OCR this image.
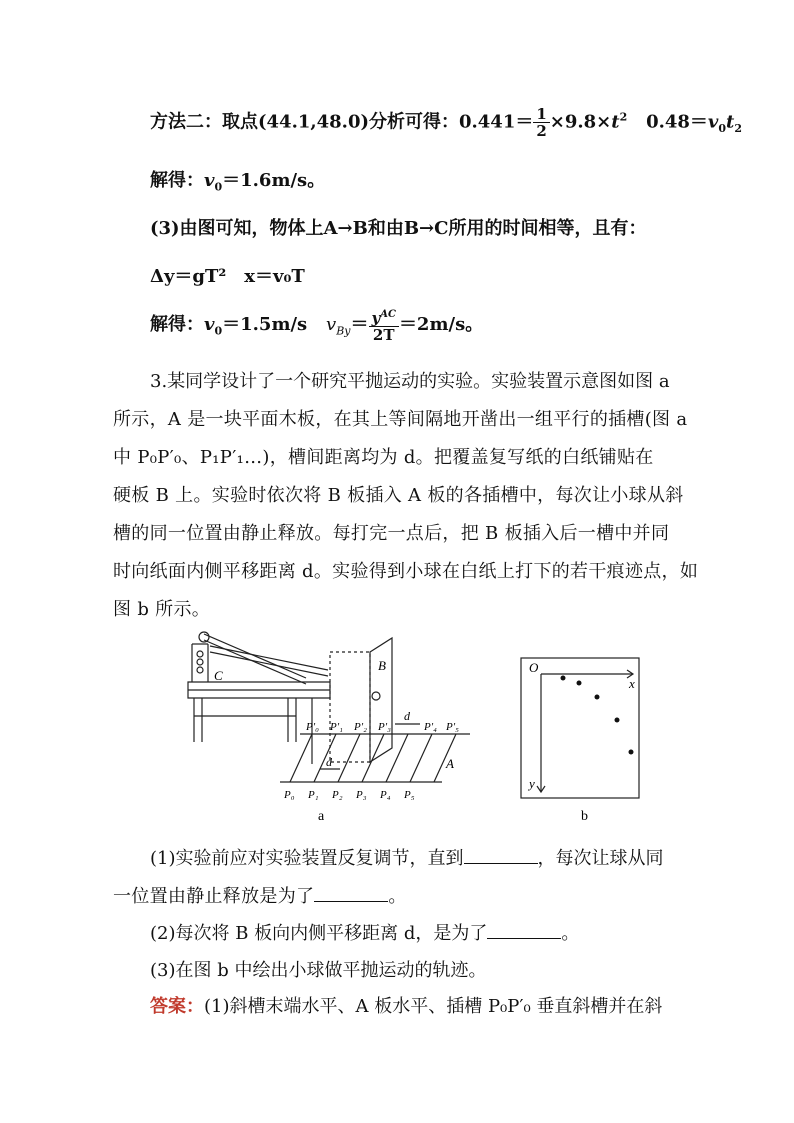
方法二：取点(44.1,48.0)分析可得：$0.441= \frac{1}{2} \times 9.8\times t^2$ $0.48=v_0t_2$
解得：$v_0=1.6m/s$。
(3)由图可知，物体上A→B和由B→C所用的时间相等，且有：
Δy＝gT²　x＝v₀T
解得：$v_0=1.5m/s$ $v_{By}= \frac{y^{AC}}{2T} =2m/s$。
3.某同学设计了一个研究平抛运动的实验。实验装置示意图如图 a
所示，A 是一块平面木板，在其上等间隔地开凿出一组平行的插槽(图 a
中 P₀P′₀、P₁P′₁…)，槽间距离均为 d。把覆盖复写纸的白纸铺贴在
硬板 B 上。实验时依次将 B 板插入 A 板的各插槽中，每次让小球从斜
槽的同一位置由静止释放。每打完一点后，把 B 板插入后一槽中并同
时向纸面内侧平移距离 d。实验得到小球在白纸上打下的若干痕迹点，如
图 b 所示。
B
C
A
d
d
P₀ P₁ P₂ P₃ P₄ P₅
P′₀ P′₁ P′₂ P′₃	P′₄ P′₅
a
O
x
y
b
(1)实验前应对实验装置反复调节，直到	，每次让球从同
一位置由静止释放是为了	。
(2)每次将 B 板向内侧平移距离 d，是为了	。
(3)在图 b 中绘出小球做平抛运动的轨迹。
答案：(1)斜槽末端水平、A 板水平、插槽 P₀P′₀ 垂直斜槽并在斜
